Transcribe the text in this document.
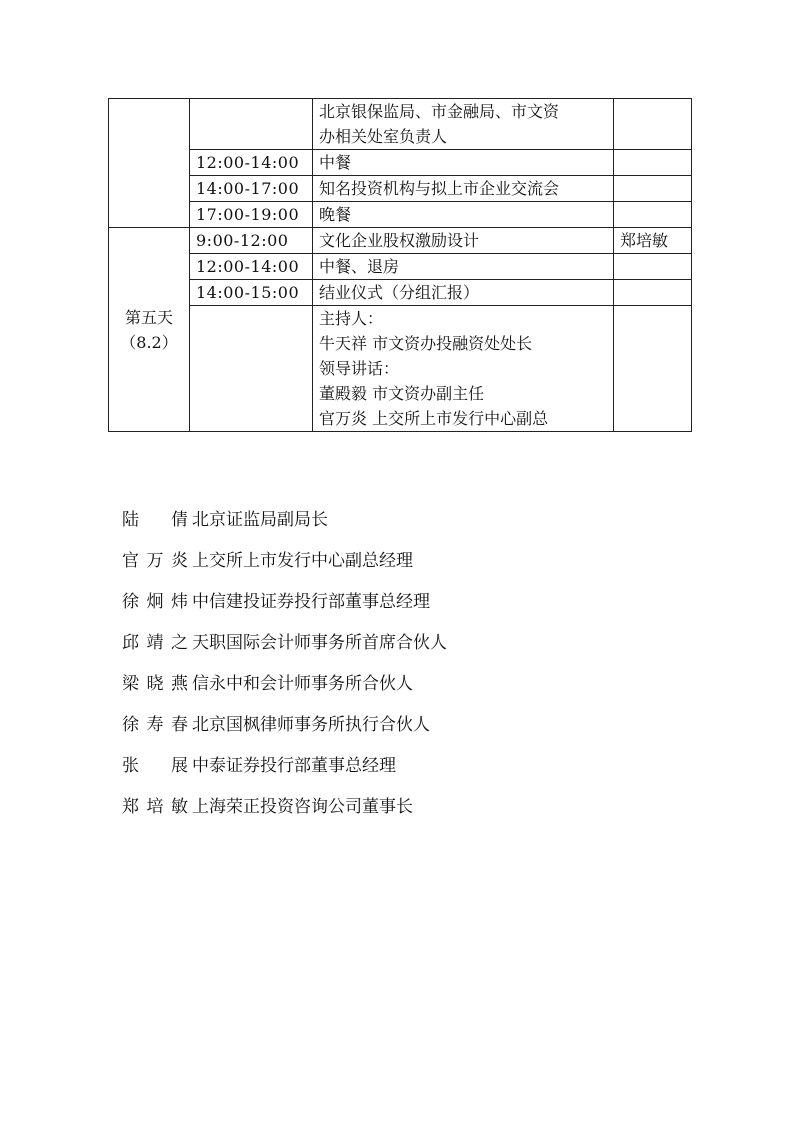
		北京银保监局、市金融局、市文资
办相关处室负责人	

	12:00-14:00	中餐	
	14:00-17:00	知名投资机构与拟上市企业交流会	
	17:00-19:00	晚餐	

第五天
（8.2）	9:00-12:00	文化企业股权激励设计	郑培敏
	12:00-14:00	中餐、退房	
	14:00-15:00	结业仪式（分组汇报）	

		主持人：
牛天祥 市文资办投融资处处长
领导讲话：
董殿毅 市文资办副主任
官万炎 上交所上市发行中心副总	

陆　倩 北京证监局副局长
官万炎 上交所上市发行中心副总经理
徐炯炜 中信建投证券投行部董事总经理
邱靖之 天职国际会计师事务所首席合伙人
梁晓燕 信永中和会计师事务所合伙人
徐寿春 北京国枫律师事务所执行合伙人
张　展 中泰证券投行部董事总经理
郑培敏 上海荣正投资咨询公司董事长
